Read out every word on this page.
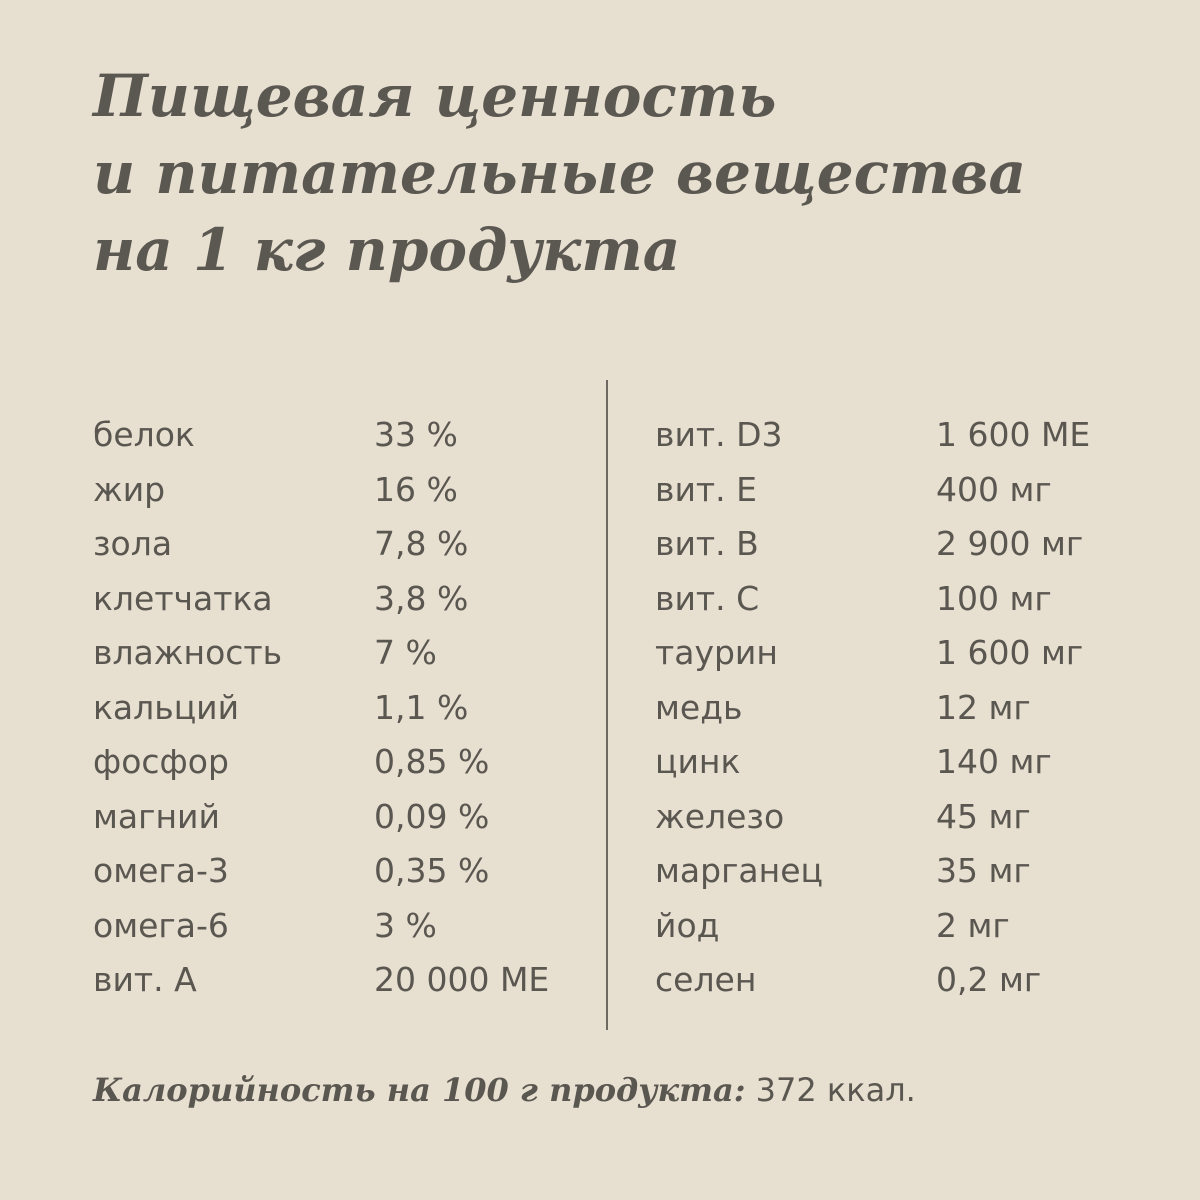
Пищевая ценность
и питательные вещества
на 1 кг продукта
белок	33 %
жир	16 %
зола	7,8 %
клетчатка	3,8 %
влажность	7 %
кальций	1,1 %
фосфор	0,85 %
магний	0,09 %
омега-3	0,35 %
омега-6	3 %
вит. А	20 000 МЕ
вит. D3	1 600 МЕ
вит. Е	400 мг
вит. В	2 900 мг
вит. С	100 мг
таурин	1 600 мг
медь	12 мг
цинк	140 мг
железо	45 мг
марганец	35 мг
йод	2 мг
селен	0,2 мг
Калорийность на 100 г продукта: 372 ккал.
